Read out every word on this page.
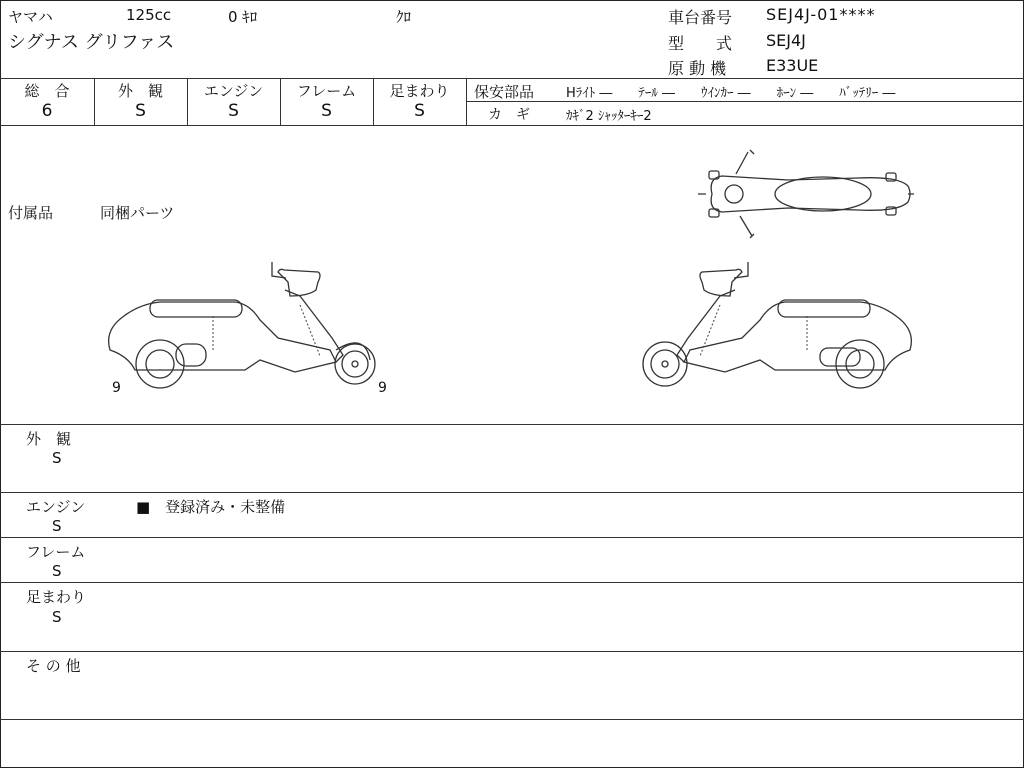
ヤマハ	125cc	0 ｷﾛ	ｸﾛ
シグナス グリファス
車台番号 SEJ4J-01****
型　　式 SEJ4J
原 動 機 E33UE
総　合
6
外　観
S
エンジン
S
フレーム
S
足まわり
S
保安部品 Hﾗｲﾄ ―　　ﾃｰﾙ ―　　ｳｲﾝｶｰ ―　　ﾎｰﾝ ―　　ﾊﾞｯﾃﾘｰ ―
カ　ギ	ｶｷﾞ2 ｼｬｯﾀｰｷｰ2
付属品	同梱パーツ
9	9
外　観
S
エンジン
S
■　登録済み・未整備
フレーム
S
足まわり
S
そ の 他
